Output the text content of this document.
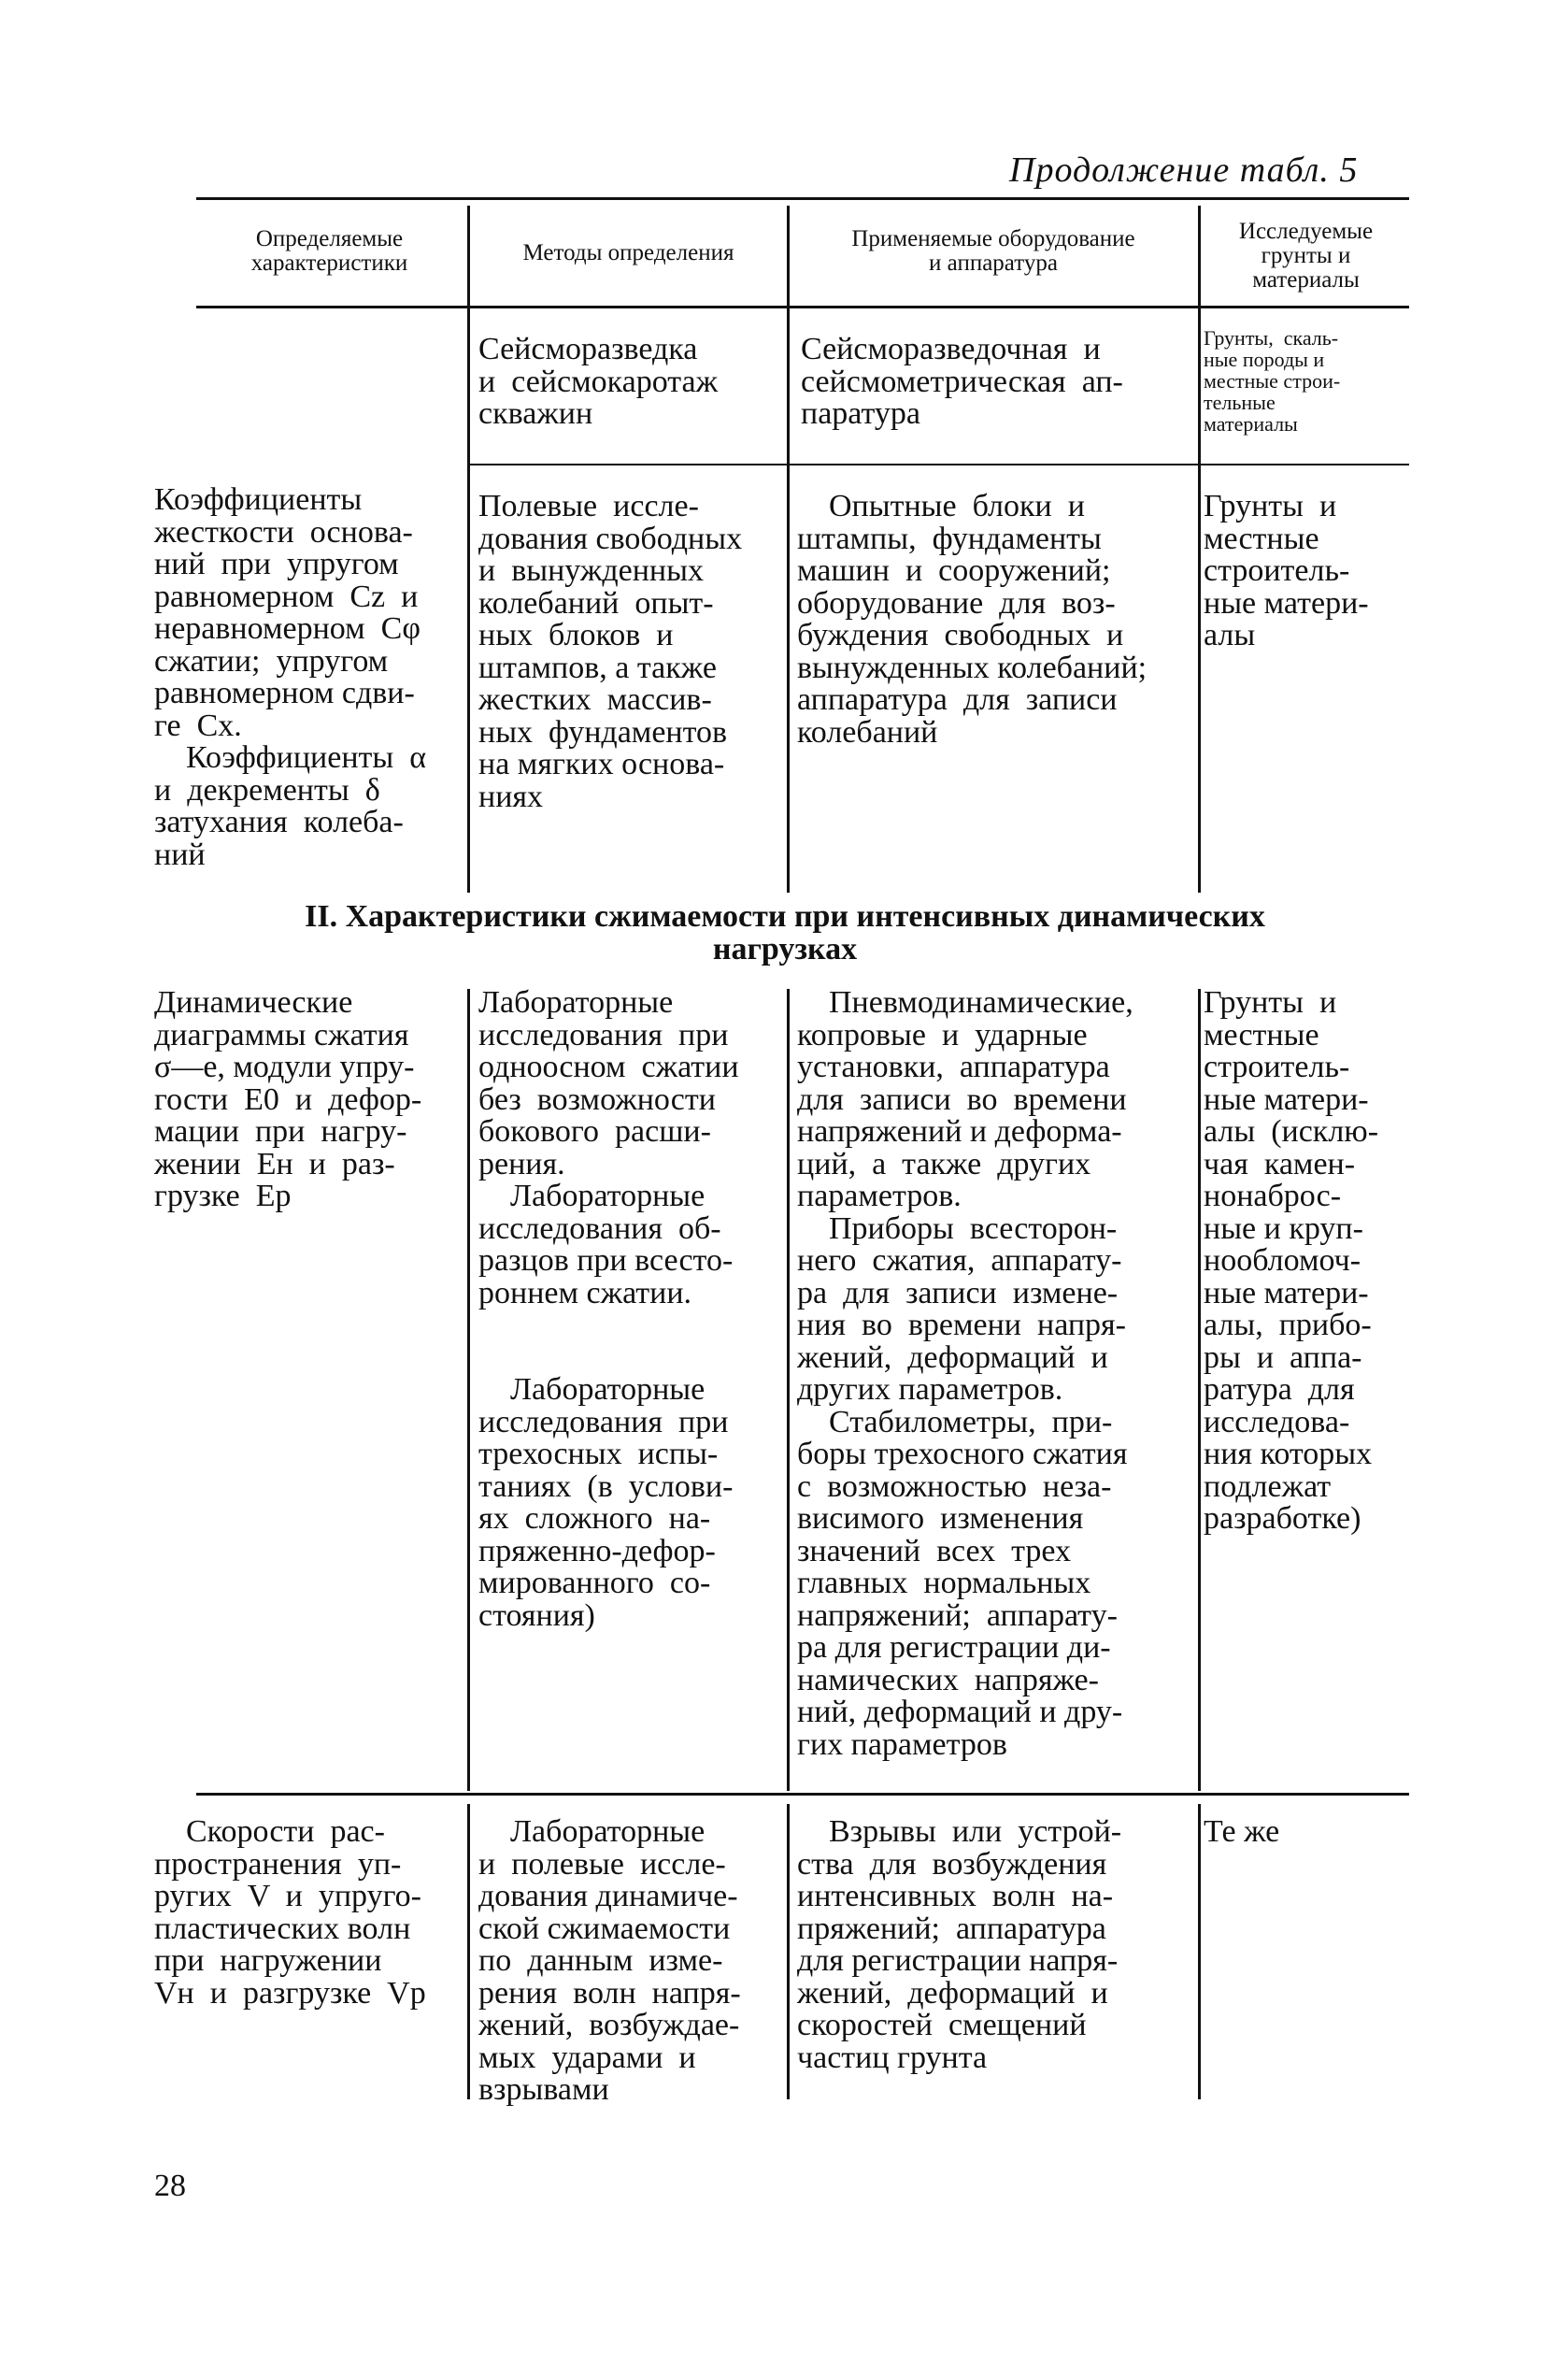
Продолжение табл. 5
Определяемые
характеристики	Методы определения
Применяемые оборудование
и аппаратура
Исследуемые
грунты и
материалы
Сейсморазведка
и  сейсмокаротаж
скважин
Сейсморазведочная  и
сейсмометрическая  ап-
паратура
Грунты,  скаль-
ные породы и
местные строи-
тельные
материалы
Коэффициенты
жесткости  основа-
ний  при  упругом
равномерном  Cz  и
неравномерном  Cφ
сжатии;  упругом
равномерном сдви-
ге  Cx.
Коэффициенты  α
и  декременты  δ
затухания  колеба-
ний
Полевые  иссле-
дования свободных
и  вынужденных
колебаний  опыт-
ных  блоков  и
штампов, а также
жестких  массив-
ных  фундаментов
на мягких основа-
ниях
Опытные  блоки  и
штампы,  фундаменты
машин  и  сооружений;
оборудование  для  воз-
буждения  свободных  и
вынужденных колебаний;
аппаратура  для  записи
колебаний
Грунты  и
местные
строитель-
ные матери-
алы
II. Характеристики сжимаемости при интенсивных динамических
нагрузках
Динамические
диаграммы сжатия
σ—e, модули упру-
гости  E0  и  дефор-
мации  при  нагру-
жении  Eн  и  раз-
грузке  Eр
Лабораторные
исследования  при
одноосном  сжатии
без  возможности
бокового  расши-
рения.
Лабораторные
исследования  об-
разцов при всесто-
роннем сжатии.

Лабораторные
исследования  при
трехосных  испы-
таниях  (в  услови-
ях  сложного  на-
пряженно-дефор-
мированного  со-
стояния)
Пневмодинамические,
копровые  и  ударные
установки,  аппаратура
для  записи  во  времени
напряжений и деформа-
ций,  а  также  других
параметров.
Приборы  всесторон-
него  сжатия,  аппарату-
ра  для  записи  измене-
ния  во  времени  напря-
жений,  деформаций  и
других параметров.
Стабилометры,  при-
боры трехосного сжатия
с  возможностью  неза-
висимого  изменения
значений  всех  трех
главных  нормальных
напряжений;  аппарату-
ра для регистрации ди-
намических  напряже-
ний, деформаций и дру-
гих параметров
Грунты  и
местные
строитель-
ные матери-
алы  (исклю-
чая  камен-
нонаброс-
ные и круп-
нообломоч-
ные матери-
алы,  прибо-
ры  и  аппа-
ратура  для
исследова-
ния которых
подлежат
разработке)
Скорости  рас-
пространения  уп-
ругих  V  и  упруго-
пластических волн
при  нагружении
Vн  и  разгрузке  Vр
Лабораторные
и  полевые  иссле-
дования динамиче-
ской сжимаемости
по  данным  изме-
рения  волн  напря-
жений,  возбуждае-
мых  ударами  и
взрывами
Взрывы  или  устрой-
ства  для  возбуждения
интенсивных  волн  на-
пряжений;  аппаратура
для регистрации напря-
жений,  деформаций  и
скоростей  смещений
частиц грунта
Те же
28
